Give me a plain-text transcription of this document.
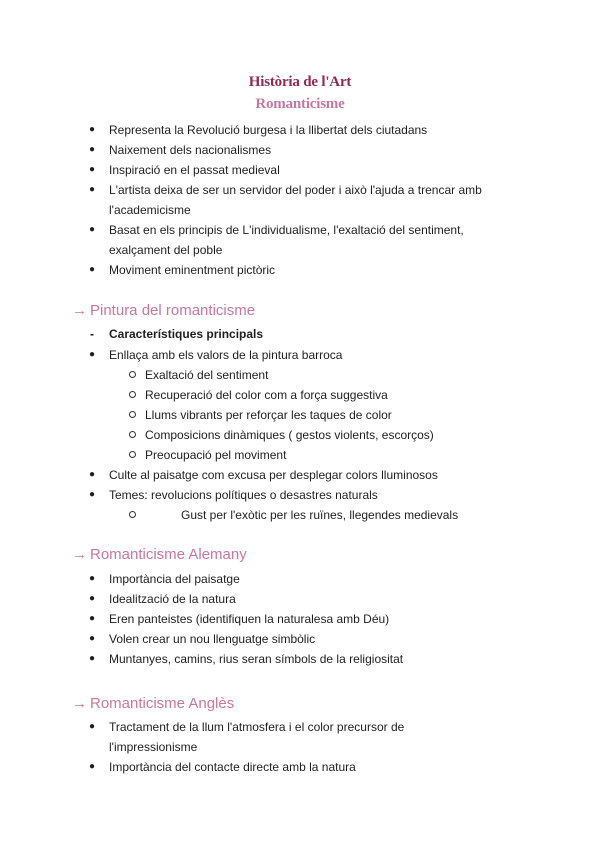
Història de l'Art
Romanticisme
● Representa la Revolució burgesa i la llibertat dels ciutadans
● Naixement dels nacionalismes
● Inspiració en el passat medieval
● L'artista deixa de ser un servidor del poder i això l'ajuda a trencar amb
l'academicisme
● Basat en els principis de L'individualisme, l'exaltació del sentiment,
exalçament del poble
● Moviment eminentment pictòric
→ Pintura del romanticisme
- Característiques principals
● Enllaça amb els valors de la pintura barroca
Exaltació del sentiment
Recuperació del color com a força suggestiva
Llums vibrants per reforçar les taques de color
Composicions dinàmiques ( gestos violents, escorços)
Preocupació pel moviment
● Culte al paisatge com excusa per desplegar colors lluminosos
● Temes: revolucions polítiques o desastres naturals
Gust per l'exòtic per les ruïnes, llegendes medievals
→ Romanticisme Alemany
● Importància del paisatge
● Idealització de la natura
● Eren panteistes (identifiquen la naturalesa amb Déu)
● Volen crear un nou llenguatge simbòlic
● Muntanyes, camins, rius seran símbols de la religiositat
→ Romanticisme Anglès
● Tractament de la llum l'atmosfera i el color precursor de
l'impressionisme
● Importància del contacte directe amb la natura
